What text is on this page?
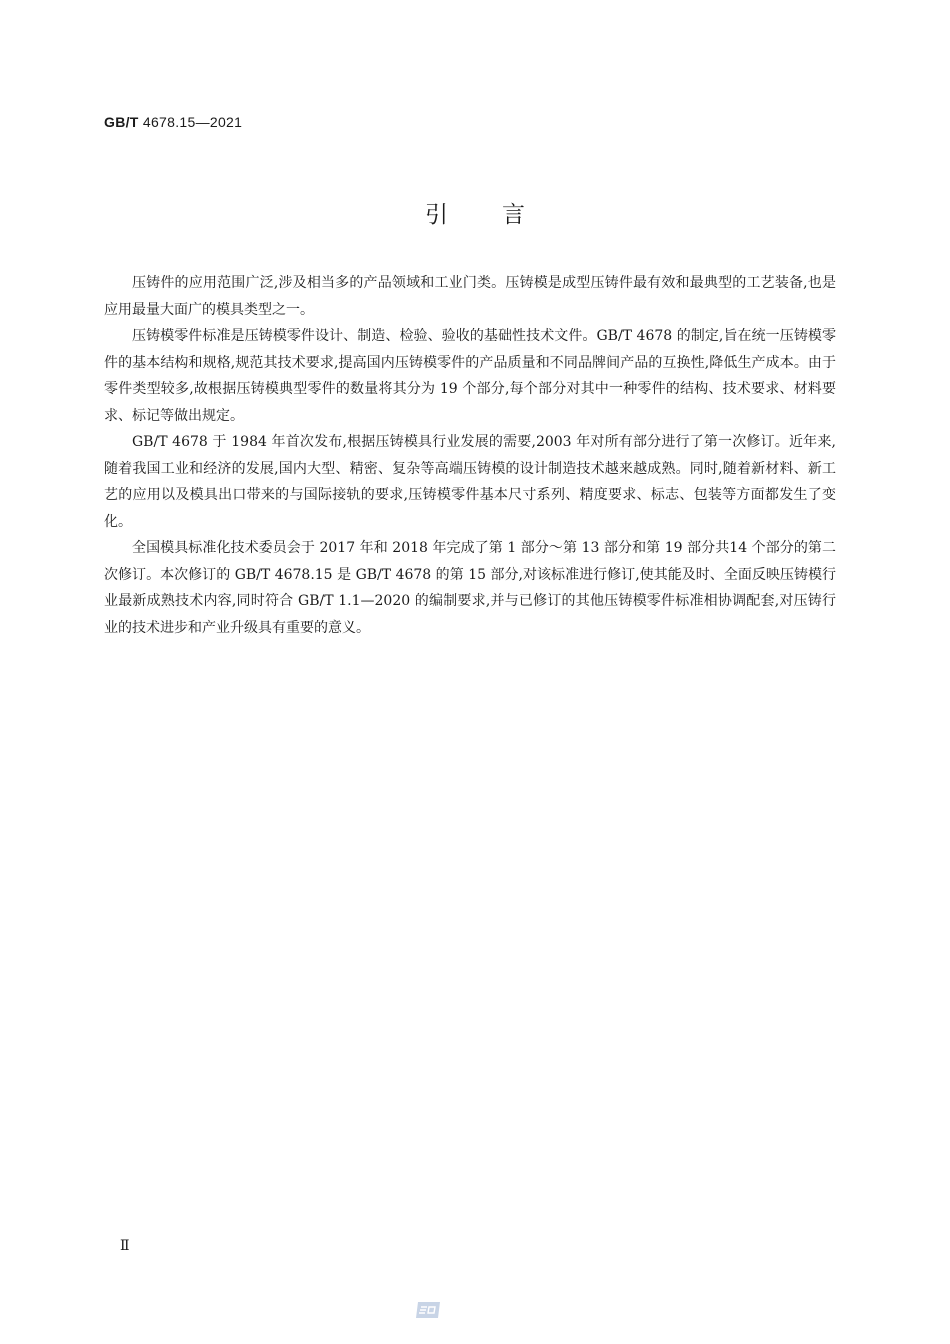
GB/T 4678.15—2021
引言

压铸件的应用范围广泛,涉及相当多的产品领域和工业门类。压铸模是成型压铸件最有效和最典型的工艺装备,也是应用最量大面广的模具类型之一。

压铸模零件标准是压铸模零件设计、制造、检验、验收的基础性技术文件。GB/T 4678 的制定,旨在统一压铸模零件的基本结构和规格,规范其技术要求,提高国内压铸模零件的产品质量和不同品牌间产品的互换性,降低生产成本。由于零件类型较多,故根据压铸模典型零件的数量将其分为 19 个部分,每个部分对其中一种零件的结构、技术要求、材料要求、标记等做出规定。

GB/T 4678 于 1984 年首次发布,根据压铸模具行业发展的需要,2003 年对所有部分进行了第一次修订。近年来,随着我国工业和经济的发展,国内大型、精密、复杂等高端压铸模的设计制造技术越来越成熟。同时,随着新材料、新工艺的应用以及模具出口带来的与国际接轨的要求,压铸模零件基本尺寸系列、精度要求、标志、包装等方面都发生了变化。

全国模具标准化技术委员会于 2017 年和 2018 年完成了第 1 部分～第 13 部分和第 19 部分共14 个部分的第二次修订。本次修订的 GB/T 4678.15 是 GB/T 4678 的第 15 部分,对该标准进行修订,使其能及时、全面反映压铸模行业最新成熟技术内容,同时符合 GB/T 1.1—2020 的编制要求,并与已修订的其他压铸模零件标准相协调配套,对压铸行业的技术进步和产业升级具有重要的意义。

Ⅱ
